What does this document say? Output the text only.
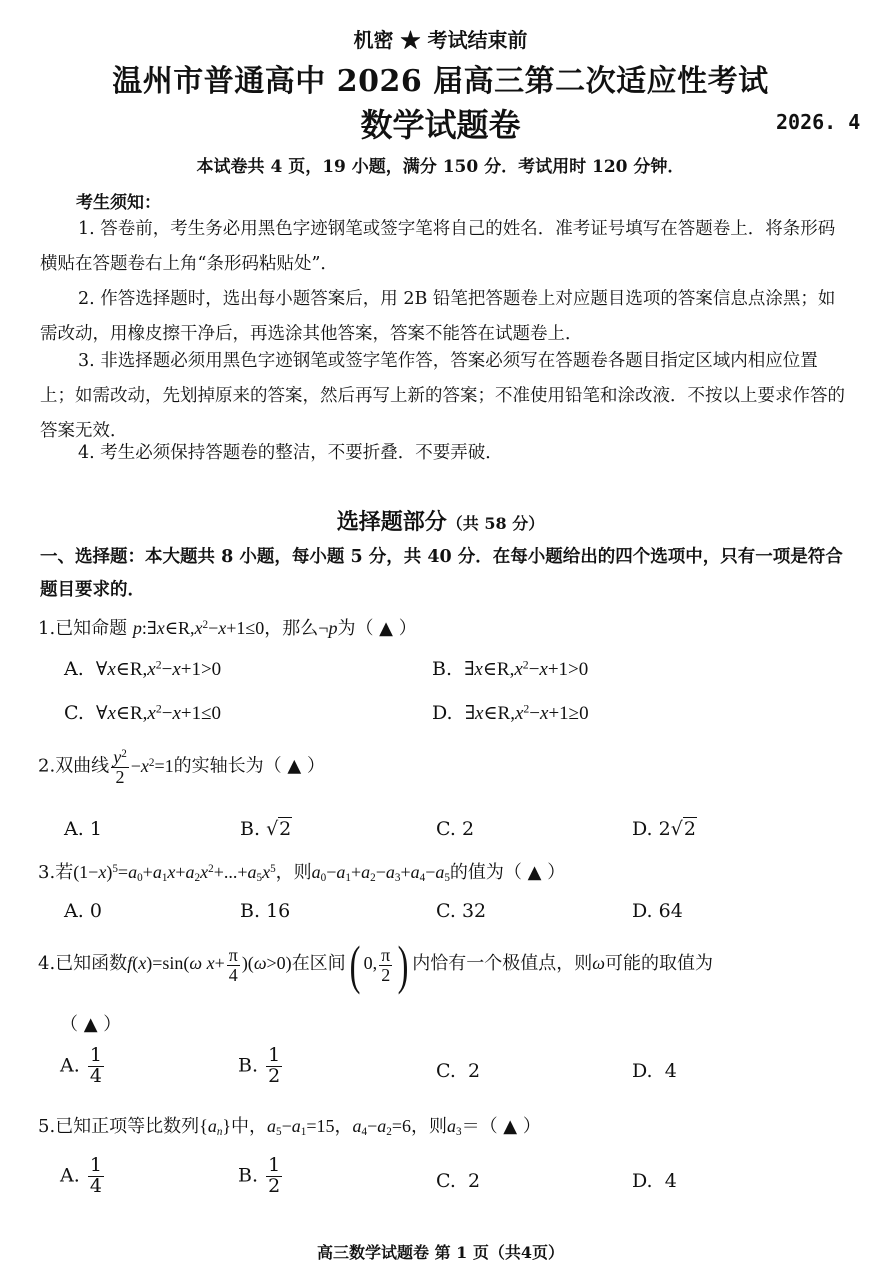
机密 ★ 考试结束前
温州市普通高中 2026 届高三第二次适应性考试
数学试题卷	2026. 4
本试卷共 4 页，19 小题，满分 150 分．考试用时 120 分钟．
考生须知：
1. 答卷前，考生务必用黑色字迹钢笔或签字笔将自己的姓名．准考证号填写在答题卷上．将条形码横贴在答题卷右上角“条形码粘贴处”．
2. 作答选择题时，选出每小题答案后，用 2B 铅笔把答题卷上对应题目选项的答案信息点涂黑；如需改动，用橡皮擦干净后，再选涂其他答案，答案不能答在试题卷上．
3. 非选择题必须用黑色字迹钢笔或签字笔作答，答案必须写在答题卷各题目指定区域内相应位置上；如需改动，先划掉原来的答案，然后再写上新的答案；不准使用铅笔和涂改液．不按以上要求作答的答案无效．
4. 考生必须保持答题卷的整洁，不要折叠．不要弄破．
选择题部分（共 58 分）
一、选择题：本大题共 8 小题，每小题 5 分，共 40 分．在每小题给出的四个选项中，只有一项是符合题目要求的．
1.已知命题 $p:\exists x\in R,x^2-x+1\le 0$，那么¬p为（ ▲ ）
A. $\forall x\in R,x^2-x+1>0$	B. $\exists x\in R,x^2-x+1>0$
C. $\forall x\in R,x^2-x+1\le 0$	D. $\exists x\in R,x^2-x+1\ge 0$
2.双曲线 $\frac{y^2}{2} -x^2=1$的实轴长为（ ▲ ）
A. 1	B. √2	C. 2	D. 2√2
3.若$(1-x)^5=a_0+a_1x+a_2x^2+...+a_5x^5$，则$a_0-a_1+a_2-a_3+a_4-a_5$的值为（ ▲ ）
A. 0	B. 16	C. 32	D. 64
4.已知函数f(x)=sin(ω $x+ \frac{\pi}{4} )(\omega>0)$在区间( 0, $\frac{\pi}{2}$ ) 内恰有一个极值点，则ω可能的取值为
（ ▲ ）
A. $\frac{1}{4}$	B. $\frac{1}{2}$	C. 2	D. 4
5.已知正项等比数列$\{a_n\}$中，$a_5-a_1=15$，$a_4-a_2=6$，则$a_3=$（ ▲ ）
A. $\frac{1}{4}$	B. $\frac{1}{2}$	C. 2	D. 4
高三数学试题卷 第 1 页（共4页）
